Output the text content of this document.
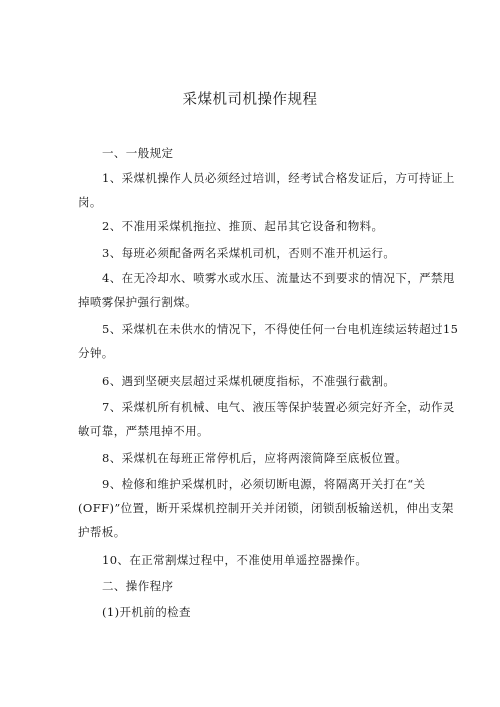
采煤机司机操作规程
一、一般规定
1、采煤机操作人员必须经过培训，经考试合格发证后，方可持证上
岗。
2、不准用采煤机拖拉、推顶、起吊其它设备和物料。
3、每班必须配备两名采煤机司机，否则不准开机运行。
4、在无冷却水、喷雾水或水压、流量达不到要求的情况下，严禁甩
掉喷雾保护强行割煤。
5、采煤机在未供水的情况下，不得使任何一台电机连续运转超过15
分钟。
6、遇到坚硬夹层超过采煤机硬度指标，不准强行截割。
7、采煤机所有机械、电气、液压等保护装置必须完好齐全，动作灵
敏可靠，严禁甩掉不用。
8、采煤机在每班正常停机后，应将两滚筒降至底板位置。
9、检修和维护采煤机时，必须切断电源，将隔离开关打在“关
(OFF)”位置，断开采煤机控制开关并闭锁，闭锁刮板输送机，伸出支架
护帮板。
10、在正常割煤过程中，不准使用单遥控器操作。
二、操作程序
(1)开机前的检查
